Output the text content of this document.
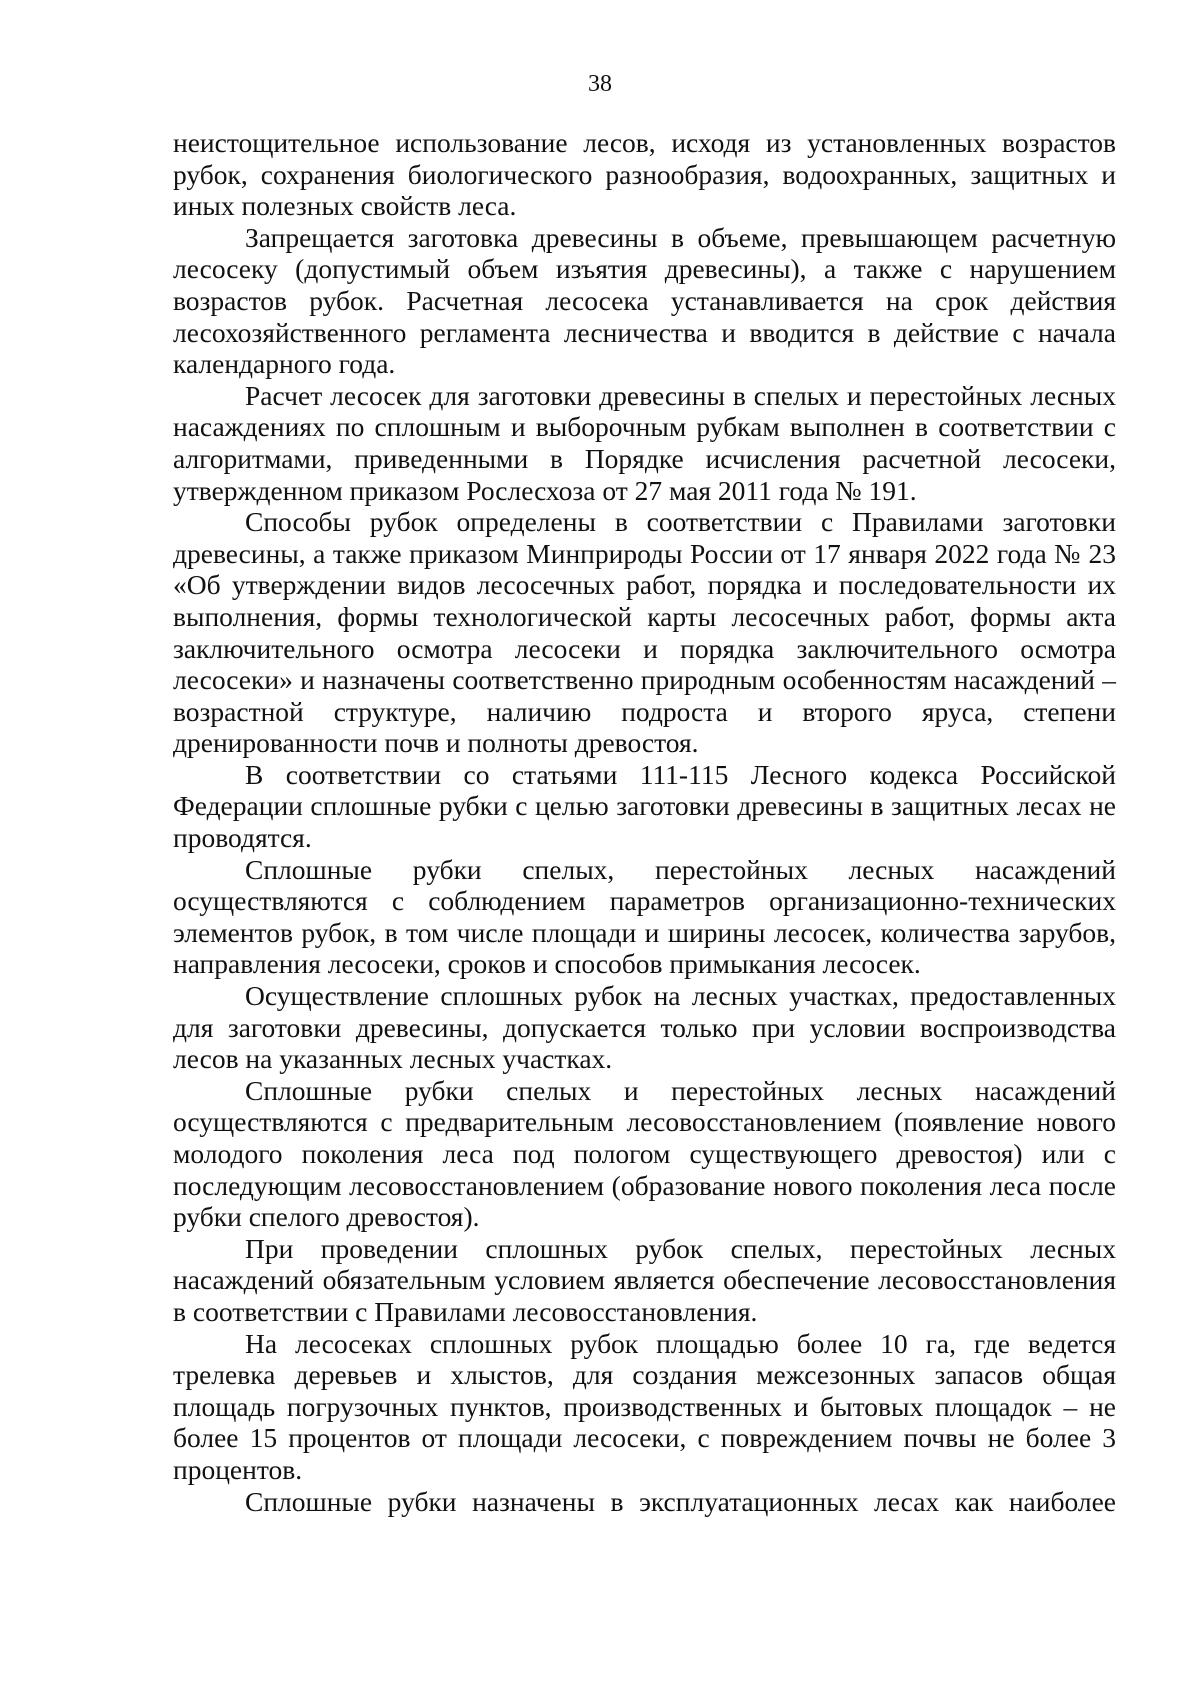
38

неистощительное использование лесов, исходя из установленных возрастов рубок, сохранения биологического разнообразия, водоохранных, защитных и иных полезных свойств леса.

Запрещается заготовка древесины в объеме, превышающем расчетную лесосеку (допустимый объем изъятия древесины), а также с нарушением возрастов рубок. Расчетная лесосека устанавливается на срок действия лесохозяйственного регламента лесничества и вводится в действие с начала календарного года.

Расчет лесосек для заготовки древесины в спелых и перестойных лесных насаждениях по сплошным и выборочным рубкам выполнен в соответствии с алгоритмами, приведенными в Порядке исчисления расчетной лесосеки, утвержденном приказом Рослесхоза от 27 мая 2011 года № 191.

Способы рубок определены в соответствии с Правилами заготовки древесины, а также приказом Минприроды России от 17 января 2022 года № 23 «Об утверждении видов лесосечных работ, порядка и последовательности их выполнения, формы технологической карты лесосечных работ, формы акта заключительного осмотра лесосеки и порядка заключительного осмотра лесосеки» и назначены соответственно природным особенностям насаждений – возрастной структуре, наличию подроста и второго яруса, степени дренированности почв и полноты древостоя.

В соответствии со статьями 111-115 Лесного кодекса Российской Федерации сплошные рубки с целью заготовки древесины в защитных лесах не проводятся.

Сплошные рубки спелых, перестойных лесных насаждений осуществляются с соблюдением параметров организационно-технических элементов рубок, в том числе площади и ширины лесосек, количества зарубов, направления лесосеки, сроков и способов примыкания лесосек.

Осуществление сплошных рубок на лесных участках, предоставленных для заготовки древесины, допускается только при условии воспроизводства лесов на указанных лесных участках.

Сплошные рубки спелых и перестойных лесных насаждений осуществляются с предварительным лесовосстановлением (появление нового молодого поколения леса под пологом существующего древостоя) или с последующим лесовосстановлением (образование нового поколения леса после рубки спелого древостоя).

При проведении сплошных рубок спелых, перестойных лесных насаждений обязательным условием является обеспечение лесовосстановления в соответствии с Правилами лесовосстановления.

На лесосеках сплошных рубок площадью более 10 га, где ведется трелевка деревьев и хлыстов, для создания межсезонных запасов общая площадь погрузочных пунктов, производственных и бытовых площадок – не более 15 процентов от площади лесосеки, с повреждением почвы не более 3 процентов.

Сплошные рубки назначены в эксплуатационных лесах как наиболее
